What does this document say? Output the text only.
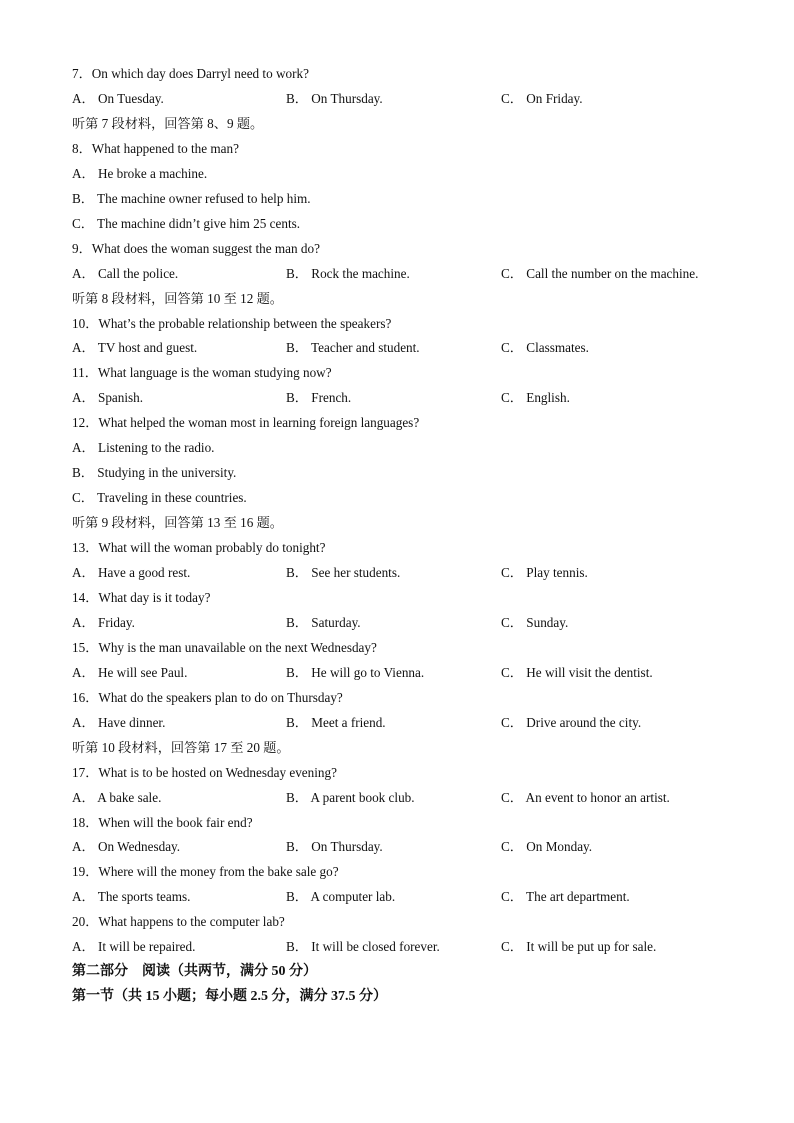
7．On which day does Darryl need to work?
A． On Tuesday.	B． On Thursday.	C． On Friday.
听第 7 段材料，回答第 8、9 题。
8．What happened to the man?
A． He broke a machine.
B． The machine owner refused to help him.
C． The machine didn’t give him 25 cents.
9．What does the woman suggest the man do?
A． Call the police.	B． Rock the machine.	C． Call the number on the machine.
听第 8 段材料，回答第 10 至 12 题。
10．What’s the probable relationship between the speakers?
A． TV host and guest.	B． Teacher and student.	C． Classmates.
11．What language is the woman studying now?
A． Spanish.	B． French.	C． English.
12．What helped the woman most in learning foreign languages?
A． Listening to the radio.
B． Studying in the university.
C． Traveling in these countries.
听第 9 段材料，回答第 13 至 16 题。
13．What will the woman probably do tonight?
A． Have a good rest.	B． See her students.	C． Play tennis.
14．What day is it today?
A． Friday.	B． Saturday.	C． Sunday.
15．Why is the man unavailable on the next Wednesday?
A． He will see Paul.	B． He will go to Vienna.	C． He will visit the dentist.
16．What do the speakers plan to do on Thursday?
A． Have dinner.	B． Meet a friend.	C． Drive around the city.
听第 10 段材料，回答第 17 至 20 题。
17．What is to be hosted on Wednesday evening?
A． A bake sale.	B． A parent book club.	C． An event to honor an artist.
18．When will the book fair end?
A． On Wednesday.	B． On Thursday.	C． On Monday.
19．Where will the money from the bake sale go?
A． The sports teams.	B． A computer lab.	C． The art department.
20．What happens to the computer lab?
A． It will be repaired.	B． It will be closed forever.	C． It will be put up for sale.
第二部分　阅读（共两节，满分 50 分）
第一节（共 15 小题；每小题 2.5 分，满分 37.5 分）
